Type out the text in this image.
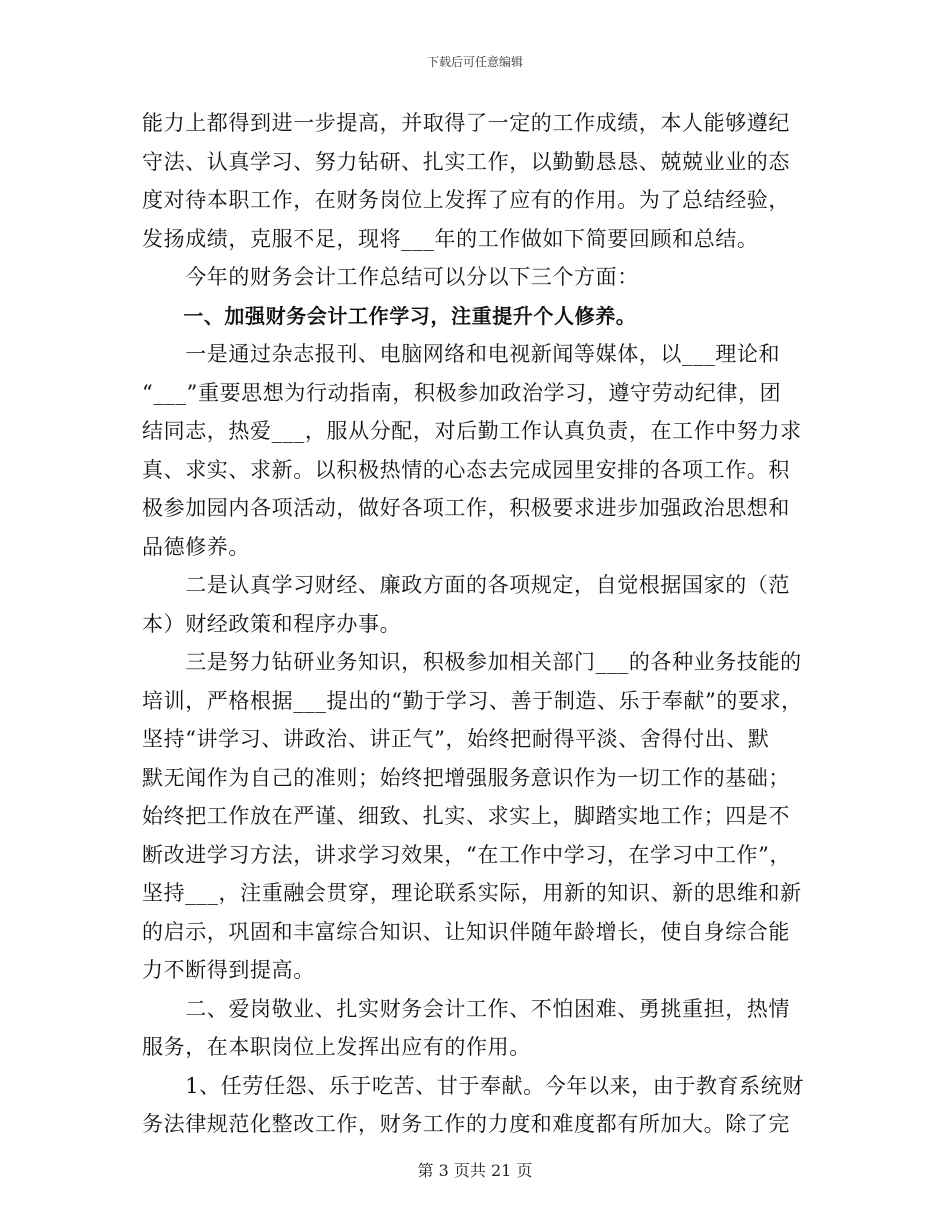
下载后可任意编辑
能力上都得到进一步提高，并取得了一定的工作成绩，本人能够遵纪
守法、认真学习、努力钻研、扎实工作，以勤勤恳恳、兢兢业业的态
度对待本职工作，在财务岗位上发挥了应有的作用。为了总结经验，
发扬成绩，克服不足，现将___年的工作做如下简要回顾和总结。
　　今年的财务会计工作总结可以分以下三个方面：
　　一、加强财务会计工作学习，注重提升个人修养。
　　一是通过杂志报刊、电脑网络和电视新闻等媒体，以___理论和
“___”重要思想为行动指南，积极参加政治学习，遵守劳动纪律，团
结同志，热爱___，服从分配，对后勤工作认真负责，在工作中努力求
真、求实、求新。以积极热情的心态去完成园里安排的各项工作。积
极参加园内各项活动，做好各项工作，积极要求进步加强政治思想和
品德修养。
　　二是认真学习财经、廉政方面的各项规定，自觉根据国家的（范
本）财经政策和程序办事。
　　三是努力钻研业务知识，积极参加相关部门___的各种业务技能的
培训，严格根据___提出的“勤于学习、善于制造、乐于奉献”的要求，
坚持“讲学习、讲政治、讲正气”，始终把耐得平淡、舍得付出、默
默无闻作为自己的准则；始终把增强服务意识作为一切工作的基础；
始终把工作放在严谨、细致、扎实、求实上，脚踏实地工作；四是不
断改进学习方法，讲求学习效果，“在工作中学习，在学习中工作”，
坚持___，注重融会贯穿，理论联系实际，用新的知识、新的思维和新
的启示，巩固和丰富综合知识、让知识伴随年龄增长，使自身综合能
力不断得到提高。
　　二、爱岗敬业、扎实财务会计工作、不怕困难、勇挑重担，热情
服务，在本职岗位上发挥出应有的作用。
　　1、任劳任怨、乐于吃苦、甘于奉献。今年以来，由于教育系统财
务法律规范化整改工作，财务工作的力度和难度都有所加大。除了完
第 3 页共 21 页
